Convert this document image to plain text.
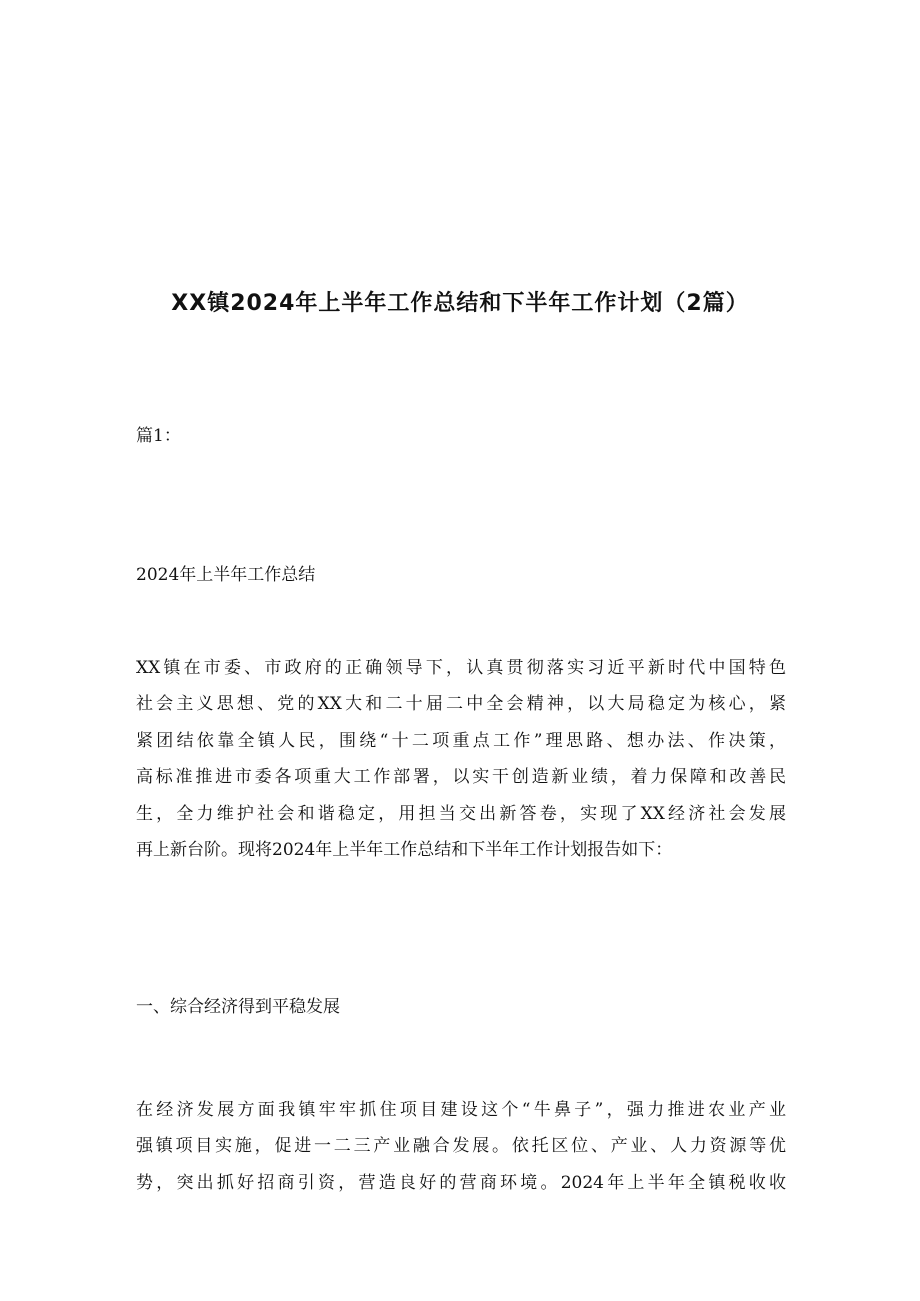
XX镇2024年上半年工作总结和下半年工作计划（2篇）
篇1：
2024年上半年工作总结
XX镇在市委、市政府的正确领导下，认真贯彻落实习近平新时代中国特色
社会主义思想、党的XX大和二十届二中全会精神，以大局稳定为核心，紧
紧团结依靠全镇人民，围绕“十二项重点工作”理思路、想办法、作决策，
高标准推进市委各项重大工作部署，以实干创造新业绩，着力保障和改善民
生，全力维护社会和谐稳定，用担当交出新答卷，实现了XX经济社会发展
再上新台阶。现将2024年上半年工作总结和下半年工作计划报告如下：
一、综合经济得到平稳发展
在经济发展方面我镇牢牢抓住项目建设这个“牛鼻子”，强力推进农业产业
强镇项目实施，促进一二三产业融合发展。依托区位、产业、人力资源等优
势，突出抓好招商引资，营造良好的营商环境。2024年上半年全镇税收收
